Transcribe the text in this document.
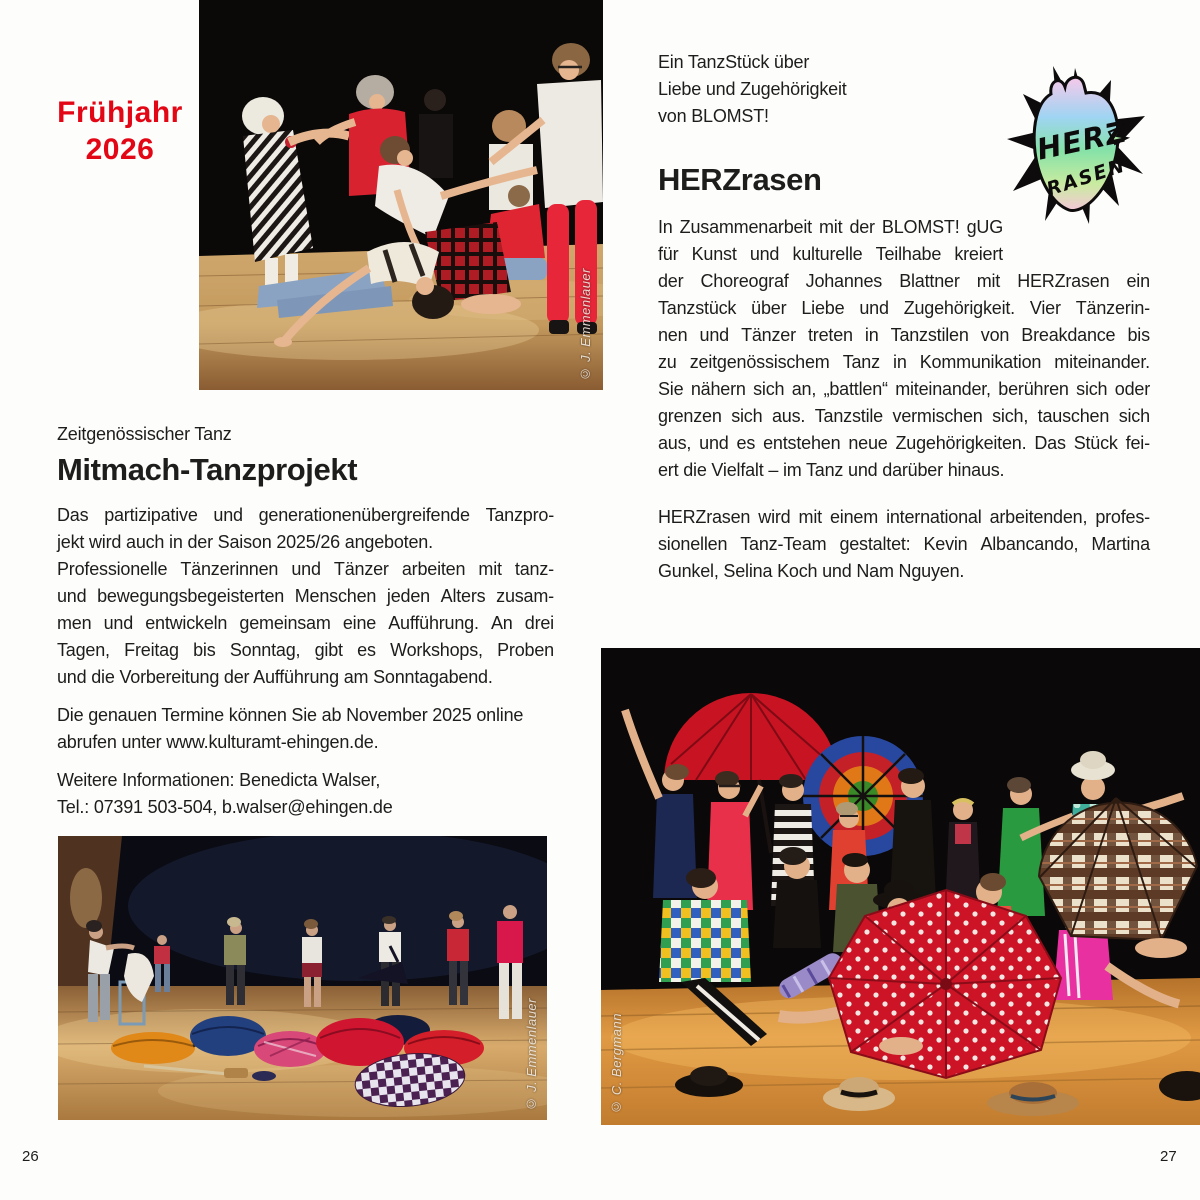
Frühjahr
2026
© J. Emmenlauer

Zeitgenössischer Tanz

Mitmach-Tanzprojekt
Das partizipative und generationenübergreifende Tanzpro-
jekt wird auch in der Saison 2025/26 angeboten.
Professionelle Tänzerinnen und Tänzer arbeiten mit tanz-
und bewegungsbegeisterten Menschen jeden Alters zusam-
men und entwickeln gemeinsam eine Aufführung. An drei
Tagen, Freitag bis Sonntag, gibt es Workshops, Proben
und die Vorbereitung der Aufführung am Sonntagabend.
Die genauen Termine können Sie ab November 2025 online
abrufen unter www.kulturamt-ehingen.de.
Weitere Informationen: Benedicta Walser,
Tel.: 07391 503-504, b.walser@ehingen.de
© J. Emmenlauer
Ein TanzStück über
Liebe und Zugehörigkeit
von BLOMST!
HERZrasen
In Zusammenarbeit mit der BLOMST! gUG
für Kunst und kulturelle Teilhabe kreiert
der Choreograf Johannes Blattner mit HERZrasen ein
Tanzstück über Liebe und Zugehörigkeit. Vier Tänzerin-
nen und Tänzer treten in Tanzstilen von Breakdance bis
zu zeitgenössischem Tanz in Kommunikation miteinander.
Sie nähern sich an, „battlen“ miteinander, berühren sich oder
grenzen sich aus. Tanzstile vermischen sich, tauschen sich
aus, und es entstehen neue Zugehörigkeiten. Das Stück fei-
ert die Vielfalt – im Tanz und darüber hinaus.
HERZrasen wird mit einem international arbeitenden, profes-
sionellen Tanz-Team gestaltet: Kevin Albancando, Martina
Gunkel, Selina Koch und Nam Nguyen.
HERZ
RASEN
© C. Bergmann
26	27
